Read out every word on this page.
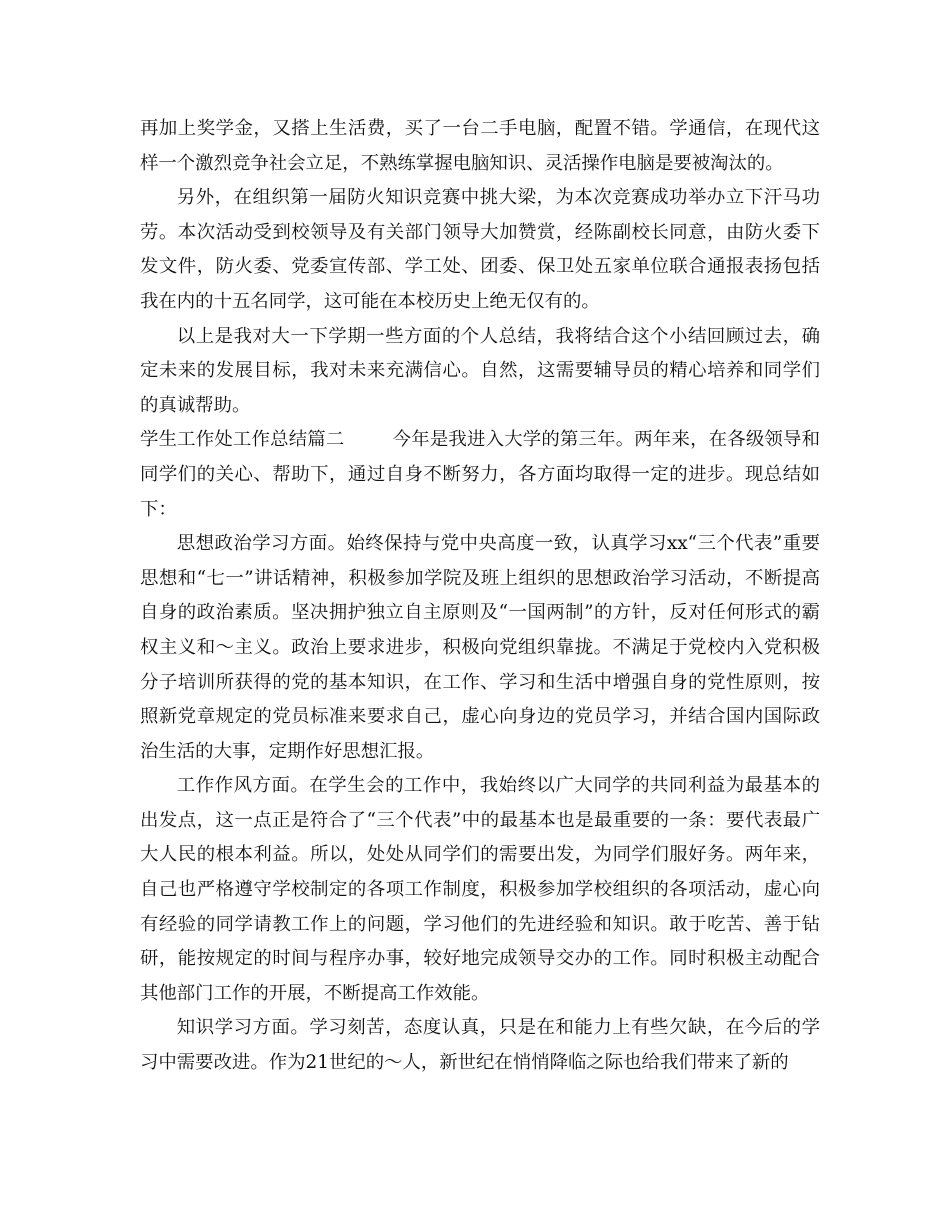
再加上奖学金，又搭上生活费，买了一台二手电脑，配置不错。学通信，在现代这样一个激烈竞争社会立足，不熟练掌握电脑知识、灵活操作电脑是要被淘汰的。

另外，在组织第一届防火知识竞赛中挑大梁，为本次竞赛成功举办立下汗马功劳。本次活动受到校领导及有关部门领导大加赞赏，经陈副校长同意，由防火委下发文件，防火委、党委宣传部、学工处、团委、保卫处五家单位联合通报表扬包括我在内的十五名同学，这可能在本校历史上绝无仅有的。

以上是我对大一下学期一些方面的个人总结，我将结合这个小结回顾过去，确定未来的发展目标，我对未来充满信心。自然，这需要辅导员的精心培养和同学们的真诚帮助。

学生工作处工作总结篇二	今年是我进入大学的第三年。两年来，在各级领导和同学们的关心、帮助下，通过自身不断努力，各方面均取得一定的进步。现总结如下：

思想政治学习方面。始终保持与党中央高度一致，认真学习xx“三个代表”重要思想和“七一”讲话精神，积极参加学院及班上组织的思想政治学习活动，不断提高自身的政治素质。坚决拥护独立自主原则及“一国两制”的方针，反对任何形式的霸权主义和～主义。政治上要求进步，积极向党组织靠拢。不满足于党校内入党积极分子培训所获得的党的基本知识，在工作、学习和生活中增强自身的党性原则，按照新党章规定的党员标准来要求自己，虚心向身边的党员学习，并结合国内国际政治生活的大事，定期作好思想汇报。

工作作风方面。在学生会的工作中，我始终以广大同学的共同利益为最基本的出发点，这一点正是符合了“三个代表”中的最基本也是最重要的一条：要代表最广大人民的根本利益。所以，处处从同学们的需要出发，为同学们服好务。两年来，自己也严格遵守学校制定的各项工作制度，积极参加学校组织的各项活动，虚心向有经验的同学请教工作上的问题，学习他们的先进经验和知识。敢于吃苦、善于钻研，能按规定的时间与程序办事，较好地完成领导交办的工作。同时积极主动配合其他部门工作的开展，不断提高工作效能。

知识学习方面。学习刻苦，态度认真，只是在和能力上有些欠缺，在今后的学习中需要改进。作为21世纪的～人，新世纪在悄悄降临之际也给我们带来了新的
